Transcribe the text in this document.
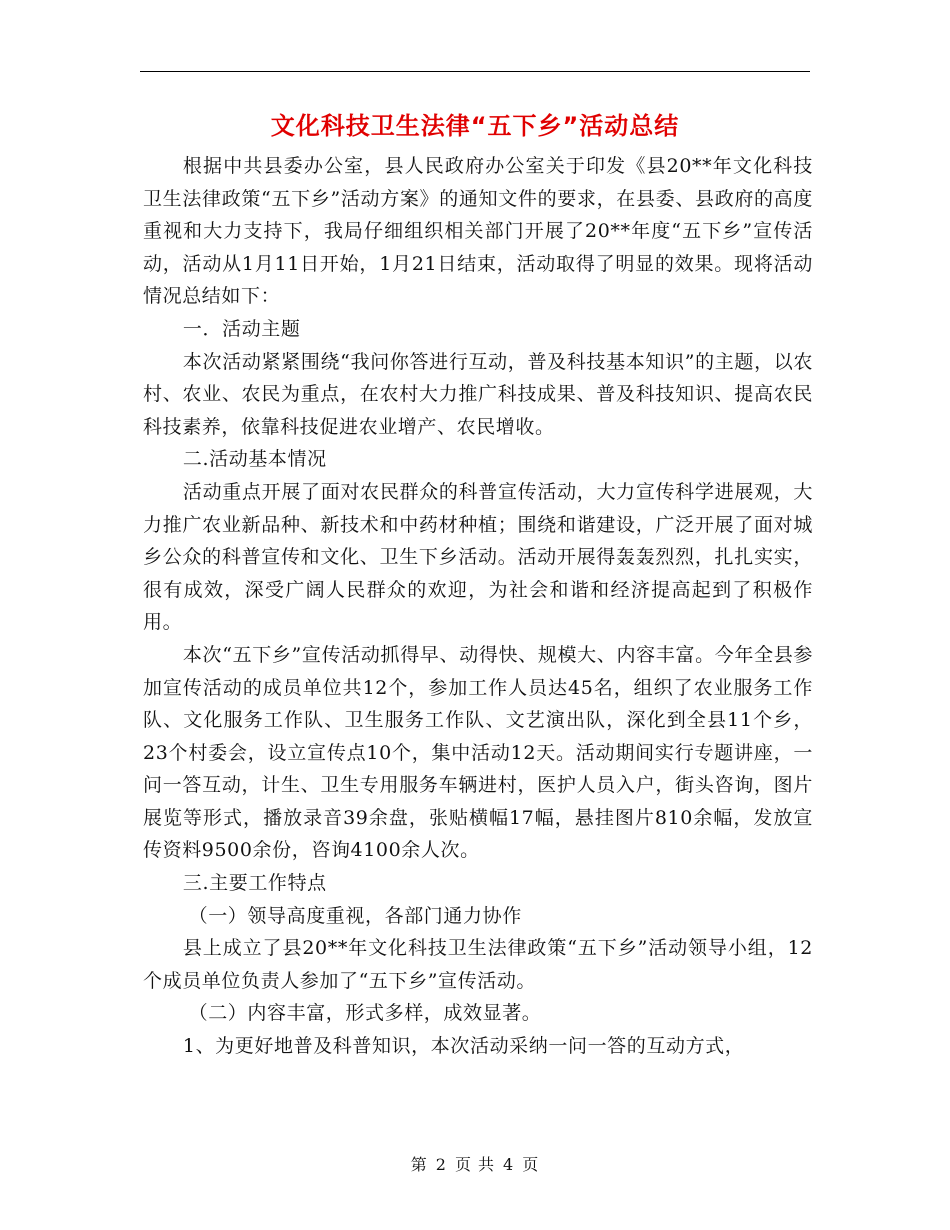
文化科技卫生法律“五下乡”活动总结

根据中共县委办公室，县人民政府办公室关于印发《县20**年文化科技卫生法律政策“五下乡”活动方案》的通知文件的要求，在县委、县政府的高度重视和大力支持下，我局仔细组织相关部门开展了20**年度“五下乡”宣传活动，活动从1月11日开始，1月21日结束，活动取得了明显的效果。现将活动情况总结如下：

一．活动主题

本次活动紧紧围绕“我问你答进行互动，普及科技基本知识”的主题，以农村、农业、农民为重点，在农村大力推广科技成果、普及科技知识、提高农民科技素养，依靠科技促进农业增产、农民增收。

二.活动基本情况

活动重点开展了面对农民群众的科普宣传活动，大力宣传科学进展观，大力推广农业新品种、新技术和中药材种植；围绕和谐建设，广泛开展了面对城乡公众的科普宣传和文化、卫生下乡活动。活动开展得轰轰烈烈，扎扎实实，很有成效，深受广阔人民群众的欢迎，为社会和谐和经济提高起到了积极作用。

本次“五下乡”宣传活动抓得早、动得快、规模大、内容丰富。今年全县参加宣传活动的成员单位共12个，参加工作人员达45名，组织了农业服务工作队、文化服务工作队、卫生服务工作队、文艺演出队，深化到全县11个乡，23个村委会，设立宣传点10个，集中活动12天。活动期间实行专题讲座，一问一答互动，计生、卫生专用服务车辆进村，医护人员入户，街头咨询，图片展览等形式，播放录音39余盘，张贴横幅17幅，悬挂图片810余幅，发放宣传资料9500余份，咨询4100余人次。

三.主要工作特点

（一）领导高度重视，各部门通力协作

县上成立了县20**年文化科技卫生法律政策“五下乡”活动领导小组，12个成员单位负责人参加了“五下乡”宣传活动。

（二）内容丰富，形式多样，成效显著。

1、为更好地普及科普知识，本次活动采纳一问一答的互动方式，

第 2 页 共 4 页
